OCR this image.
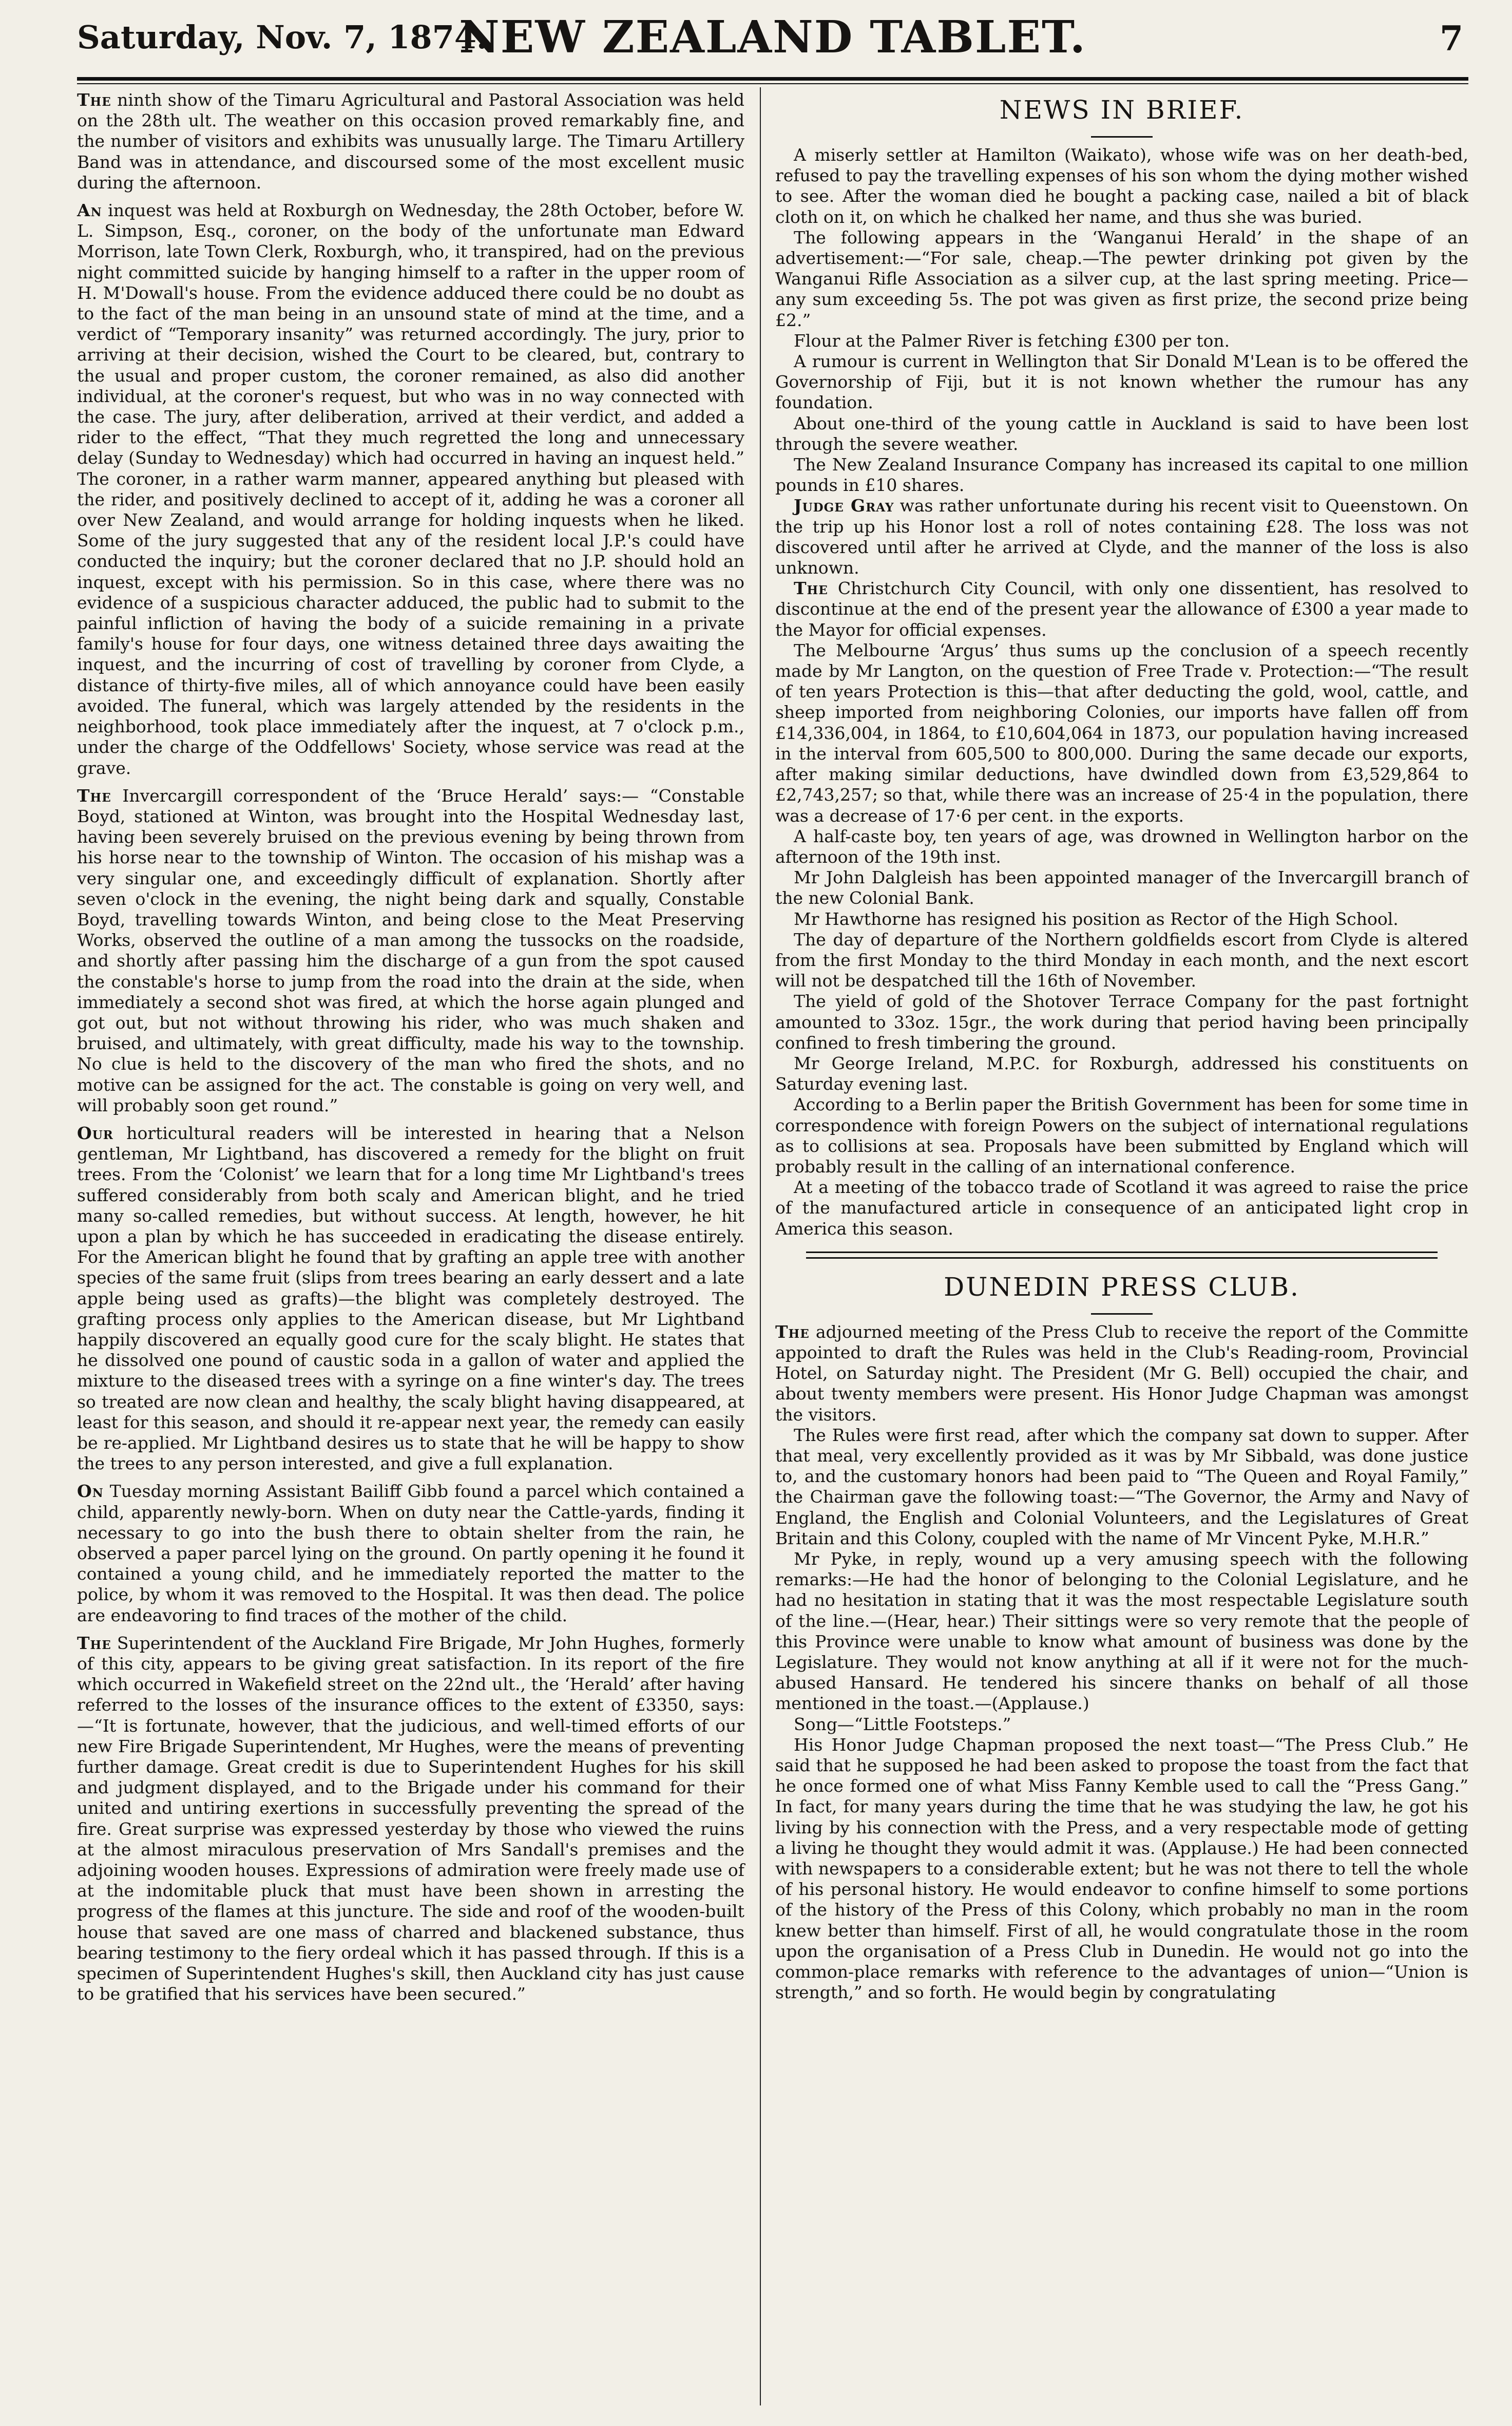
Saturday, Nov. 7, 1874.
NEW ZEALAND TABLET.	7

The ninth show of the Timaru Agricultural and Pastoral Association was held on the 28th ult. The weather on this occasion proved remarkably fine, and the number of visitors and exhibits was unusually large. The Timaru Artillery Band was in attendance, and discoursed some of the most excellent music during the afternoon.

An inquest was held at Roxburgh on Wednesday, the 28th October, before W. L. Simpson, Esq., coroner, on the body of the unfortunate man Edward Morrison, late Town Clerk, Roxburgh, who, it transpired, had on the previous night committed suicide by hanging himself to a rafter in the upper room of H. M'Dowall's house. From the evidence adduced there could be no doubt as to the fact of the man being in an unsound state of mind at the time, and a verdict of “Temporary insanity” was returned accordingly. The jury, prior to arriving at their decision, wished the Court to be cleared, but, contrary to the usual and proper custom, the coroner remained, as also did another individual, at the coroner's request, but who was in no way connected with the case. The jury, after deliberation, arrived at their verdict, and added a rider to the effect, “That they much regretted the long and unnecessary delay (Sunday to Wednesday) which had occurred in having an inquest held.” The coroner, in a rather warm manner, appeared anything but pleased with the rider, and positively declined to accept of it, adding he was a coroner all over New Zealand, and would arrange for holding inquests when he liked. Some of the jury suggested that any of the resident local J.P.'s could have conducted the inquiry; but the coroner declared that no J.P. should hold an inquest, except with his permission. So in this case, where there was no evidence of a suspicious character adduced, the public had to submit to the painful infliction of having the body of a suicide remaining in a private family's house for four days, one witness detained three days awaiting the inquest, and the incurring of cost of travelling by coroner from Clyde, a distance of thirty-five miles, all of which annoyance could have been easily avoided. The funeral, which was largely attended by the residents in the neighborhood, took place immediately after the inquest, at 7 o'clock p.m., under the charge of the Oddfellows' Society, whose service was read at the grave.

The Invercargill correspondent of the ‘Bruce Herald’ says:— “Constable Boyd, stationed at Winton, was brought into the Hospital Wednesday last, having been severely bruised on the previous evening by being thrown from his horse near to the township of Winton. The occasion of his mishap was a very singular one, and exceedingly difficult of explanation. Shortly after seven o'clock in the evening, the night being dark and squally, Constable Boyd, travelling towards Winton, and being close to the Meat Preserving Works, observed the outline of a man among the tussocks on the roadside, and shortly after passing him the discharge of a gun from the spot caused the constable's horse to jump from the road into the drain at the side, when immediately a second shot was fired, at which the horse again plunged and got out, but not without throwing his rider, who was much shaken and bruised, and ultimately, with great difficulty, made his way to the township. No clue is held to the discovery of the man who fired the shots, and no motive can be assigned for the act. The constable is going on very well, and will probably soon get round.”

Our horticultural readers will be interested in hearing that a Nelson gentleman, Mr Lightband, has discovered a remedy for the blight on fruit trees. From the ‘Colonist’ we learn that for a long time Mr Lightband's trees suffered considerably from both scaly and American blight, and he tried many so-called remedies, but without success. At length, however, he hit upon a plan by which he has succeeded in eradicating the disease entirely. For the American blight he found that by grafting an apple tree with another species of the same fruit (slips from trees bearing an early dessert and a late apple being used as grafts)—the blight was completely destroyed. The grafting process only applies to the American disease, but Mr Lightband happily discovered an equally good cure for the scaly blight. He states that he dissolved one pound of caustic soda in a gallon of water and applied the mixture to the diseased trees with a syringe on a fine winter's day. The trees so treated are now clean and healthy, the scaly blight having disappeared, at least for this season, and should it re-appear next year, the remedy can easily be re-applied. Mr Lightband desires us to state that he will be happy to show the trees to any person interested, and give a full explanation.

On Tuesday morning Assistant Bailiff Gibb found a parcel which contained a child, apparently newly-born. When on duty near the Cattle-yards, finding it necessary to go into the bush there to obtain shelter from the rain, he observed a paper parcel lying on the ground. On partly opening it he found it contained a young child, and he immediately reported the matter to the police, by whom it was removed to the Hospital. It was then dead. The police are endeavoring to find traces of the mother of the child.

The Superintendent of the Auckland Fire Brigade, Mr John Hughes, formerly of this city, appears to be giving great satisfaction. In its report of the fire which occurred in Wakefield street on the 22nd ult., the ‘Herald’ after having referred to the losses of the insurance offices to the extent of £3350, says:—“It is fortunate, however, that the judicious, and well-timed efforts of our new Fire Brigade Superintendent, Mr Hughes, were the means of preventing further damage. Great credit is due to Superintendent Hughes for his skill and judgment displayed, and to the Brigade under his command for their united and untiring exertions in successfully preventing the spread of the fire. Great surprise was expressed yesterday by those who viewed the ruins at the almost miraculous preservation of Mrs Sandall's premises and the adjoining wooden houses. Expressions of admiration were freely made use of at the indomitable pluck that must have been shown in arresting the progress of the flames at this juncture. The side and roof of the wooden-built house that saved are one mass of charred and blackened substance, thus bearing testimony to the fiery ordeal which it has passed through. If this is a specimen of Superintendent Hughes's skill, then Auckland city has just cause to be gratified that his services have been secured.”

NEWS IN BRIEF.

A miserly settler at Hamilton (Waikato), whose wife was on her death-bed, refused to pay the travelling expenses of his son whom the dying mother wished to see. After the woman died he bought a packing case, nailed a bit of black cloth on it, on which he chalked her name, and thus she was buried.

The following appears in the ‘Wanganui Herald’ in the shape of an advertisement:—“For sale, cheap.—The pewter drinking pot given by the Wanganui Rifle Association as a silver cup, at the last spring meeting. Price—any sum exceeding 5s. The pot was given as first prize, the second prize being £2.”

Flour at the Palmer River is fetching £300 per ton.

A rumour is current in Wellington that Sir Donald M'Lean is to be offered the Governorship of Fiji, but it is not known whether the rumour has any foundation.

About one-third of the young cattle in Auckland is said to have been lost through the severe weather.

The New Zealand Insurance Company has increased its capital to one million pounds in £10 shares.

Judge Gray was rather unfortunate during his recent visit to Queenstown. On the trip up his Honor lost a roll of notes containing £28. The loss was not discovered until after he arrived at Clyde, and the manner of the loss is also unknown.

The Christchurch City Council, with only one dissentient, has resolved to discontinue at the end of the present year the allowance of £300 a year made to the Mayor for official expenses.

The Melbourne ‘Argus’ thus sums up the conclusion of a speech recently made by Mr Langton, on the question of Free Trade v. Protection:—“The result of ten years Protection is this—that after deducting the gold, wool, cattle, and sheep imported from neighboring Colonies, our imports have fallen off from £14,336,004, in 1864, to £10,604,064 in 1873, our population having increased in the interval from 605,500 to 800,000. During the same decade our exports, after making similar deductions, have dwindled down from £3,529,864 to £2,743,257; so that, while there was an increase of 25·4 in the population, there was a decrease of 17·6 per cent. in the exports.

A half-caste boy, ten years of age, was drowned in Wellington harbor on the afternoon of the 19th inst.

Mr John Dalgleish has been appointed manager of the Invercargill branch of the new Colonial Bank.

Mr Hawthorne has resigned his position as Rector of the High School.

The day of departure of the Northern goldfields escort from Clyde is altered from the first Monday to the third Monday in each month, and the next escort will not be despatched till the 16th of November.

The yield of gold of the Shotover Terrace Company for the past fortnight amounted to 33oz. 15gr., the work during that period having been principally confined to fresh timbering the ground.

Mr George Ireland, M.P.C. for Roxburgh, addressed his constituents on Saturday evening last.

According to a Berlin paper the British Government has been for some time in correspondence with foreign Powers on the subject of international regulations as to collisions at sea. Proposals have been submitted by England which will probably result in the calling of an international conference.

At a meeting of the tobacco trade of Scotland it was agreed to raise the price of the manufactured article in consequence of an anticipated light crop in America this season.

DUNEDIN PRESS CLUB.

The adjourned meeting of the Press Club to receive the report of the Committe appointed to draft the Rules was held in the Club's Reading-room, Provincial Hotel, on Saturday night. The President (Mr G. Bell) occupied the chair, and about twenty members were present. His Honor Judge Chapman was amongst the visitors.

The Rules were first read, after which the company sat down to supper. After that meal, very excellently provided as it was by Mr Sibbald, was done justice to, and the customary honors had been paid to “The Queen and Royal Family,” the Chairman gave the following toast:—“The Governor, the Army and Navy of England, the English and Colonial Volunteers, and the Legislatures of Great Britain and this Colony, coupled with the name of Mr Vincent Pyke, M.H.R.”

Mr Pyke, in reply, wound up a very amusing speech with the following remarks:—He had the honor of belonging to the Colonial Legislature, and he had no hesitation in stating that it was the most respectable Legislature south of the line.—(Hear, hear.) Their sittings were so very remote that the people of this Province were unable to know what amount of business was done by the Legislature. They would not know anything at all if it were not for the much-abused Hansard. He tendered his sincere thanks on behalf of all those mentioned in the toast.—(Applause.)

Song—“Little Footsteps.”

His Honor Judge Chapman proposed the next toast—“The Press Club.” He said that he supposed he had been asked to propose the toast from the fact that he once formed one of what Miss Fanny Kemble used to call the “Press Gang.” In fact, for many years during the time that he was studying the law, he got his living by his connection with the Press, and a very respectable mode of getting a living he thought they would admit it was. (Applause.) He had been connected with newspapers to a considerable extent; but he was not there to tell the whole of his personal history. He would endeavor to confine himself to some portions of the history of the Press of this Colony, which probably no man in the room knew better than himself. First of all, he would congratulate those in the room upon the organisation of a Press Club in Dunedin. He would not go into the common-place remarks with reference to the advantages of union—“Union is strength,” and so forth. He would begin by congratulating
